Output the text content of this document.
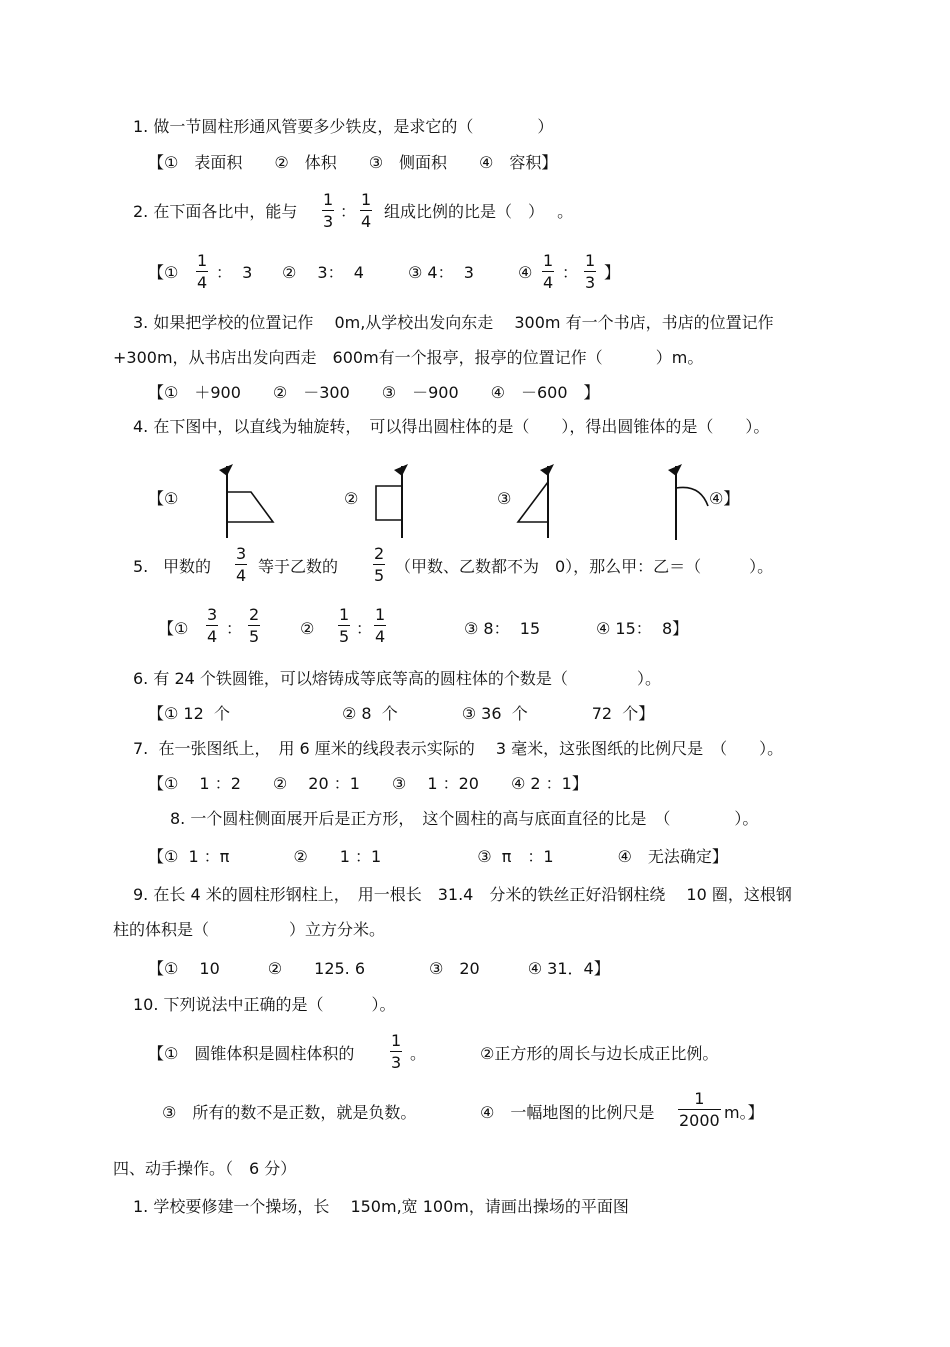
1. 做一节圆柱形通风管要多少铁皮，是求它的（　　　　）
【①　表面积　　②　体积　　③　侧面积　　④　容积】
2. 在下面各比中，能与
1
3
：
1
4
组成比例的比是（　）　 。
【①
1
4
：  3 ②　 3：  4	③ 4：  3	④
1
4
：
1
3
】
3. 如果把学校的位置记作　 0m,从学校出发向东走　 300m 有一个书店，书店的位置记作
+300m，从书店出发向西走　600m有一个报亭，报亭的位置记作（　　　 ）m。
【①　＋900　　②　－300　　③　－900　　④　－600　】
4. 在下图中，以直线为轴旋转，　可以得出圆柱体的是（　　），得出圆锥体的是（　　）。
【①	②	③	④】
5. 甲数的
3
4 等于乙数的
2
5 （甲数、乙数都不为　0），那么甲：乙＝（　　　）。
【①
3
4 ：
2
5	②
1
5 ：
1
4	③ 8：  15	④ 15：  8】
6. 有 24 个铁圆锥，可以熔铸成等底等高的圆柱体的个数是（　　　　 ）。
【① 12  个　　　　　　　② 8  个　　　　③ 36  个　　　　72  个】
7.  在一张图纸上，　用 6 厘米的线段表示实际的　 3 毫米，这张图纸的比例尺是　（　　）。
【①　 1 ：2　　②　 20 ：1　　③　 1 ：20　　④ 2 ：1】
8. 一个圆柱侧面展开后是正方形，　这个圆柱的高与底面直径的比是　（　　　　）。
【①  1 ：π　　　　②　　1 ：1　　　　　　③  π　：1　　　　④　无法确定】
9. 在长 4 米的圆柱形钢柱上，　用一根长　31.4　分米的铁丝正好沿钢柱绕　 10 圈，这根钢
柱的体积是（　　　　　）立方分米。
【①　 10　　　②　　125. 6　　　　③　20　　　④ 31．4】
10. 下列说法中正确的是（　　　）。
【①　圆锥体积是圆柱体积的
1
3 。	②正方形的周长与边长成正比例。
③　所有的数不是正数，就是负数。	④　一幅地图的比例尺是
1
2000 m。】
四、动手操作。（　6 分）
1. 学校要修建一个操场，长　 150m,宽 100m，请画出操场的平面图
